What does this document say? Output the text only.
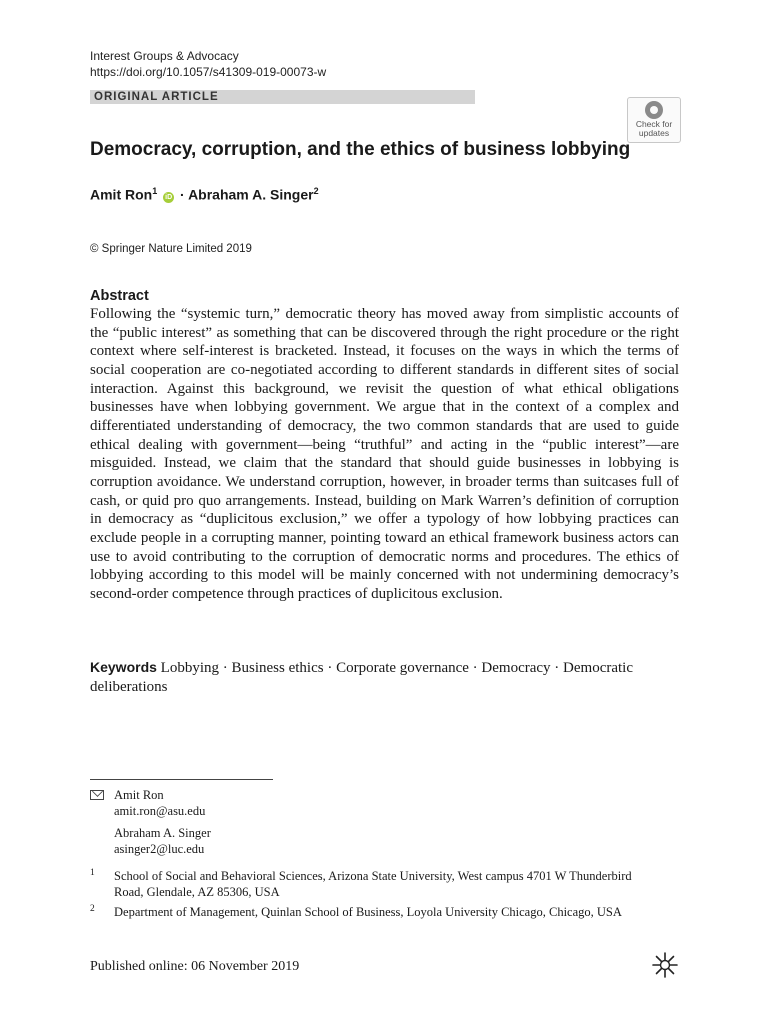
Interest Groups & Advocacy
https://doi.org/10.1057/s41309-019-00073-w
ORIGINAL ARTICLE
Check for
updates
Democracy, corruption, and the ethics of business lobbying
Amit Ron$^1$ iD · Abraham A. Singer$^2$
© Springer Nature Limited 2019
Abstract
Following the “systemic turn,” democratic theory has moved away from simplistic accounts of the “public interest” as something that can be discovered through the right procedure or the right context where self-interest is bracketed. Instead, it focuses on the ways in which the terms of social cooperation are co-negotiated according to different standards in different sites of social interaction. Against this background, we revisit the question of what ethical obligations businesses have when lobbying government. We argue that in the context of a complex and differentiated understanding of democracy, the two common standards that are used to guide ethical dealing with government—being “truthful” and acting in the “public interest”—are misguided. Instead, we claim that the standard that should guide businesses in lobbying is corruption avoidance. We understand corruption, however, in broader terms than suitcases full of cash, or quid pro quo arrangements. Instead, building on Mark Warren’s definition of corruption in democracy as “duplicitous exclusion,” we offer a typology of how lobbying practices can exclude people in a corrupting manner, pointing toward an ethical framework business actors can use to avoid contributing to the corruption of democratic norms and procedures. The ethics of lobbying according to this model will be mainly concerned with not undermining democracy’s second-order competence through practices of duplicitous exclusion.
Keywords Lobbying · Business ethics · Corporate governance · Democracy · Democratic deliberations
Amit Ron
amit.ron@asu.edu
Abraham A. Singer
asinger2@luc.edu
1 School of Social and Behavioral Sciences, Arizona State University, West campus 4701 W Thunderbird Road, Glendale, AZ 85306, USA
2 Department of Management, Quinlan School of Business, Loyola University Chicago, Chicago, USA
Published online: 06 November 2019
